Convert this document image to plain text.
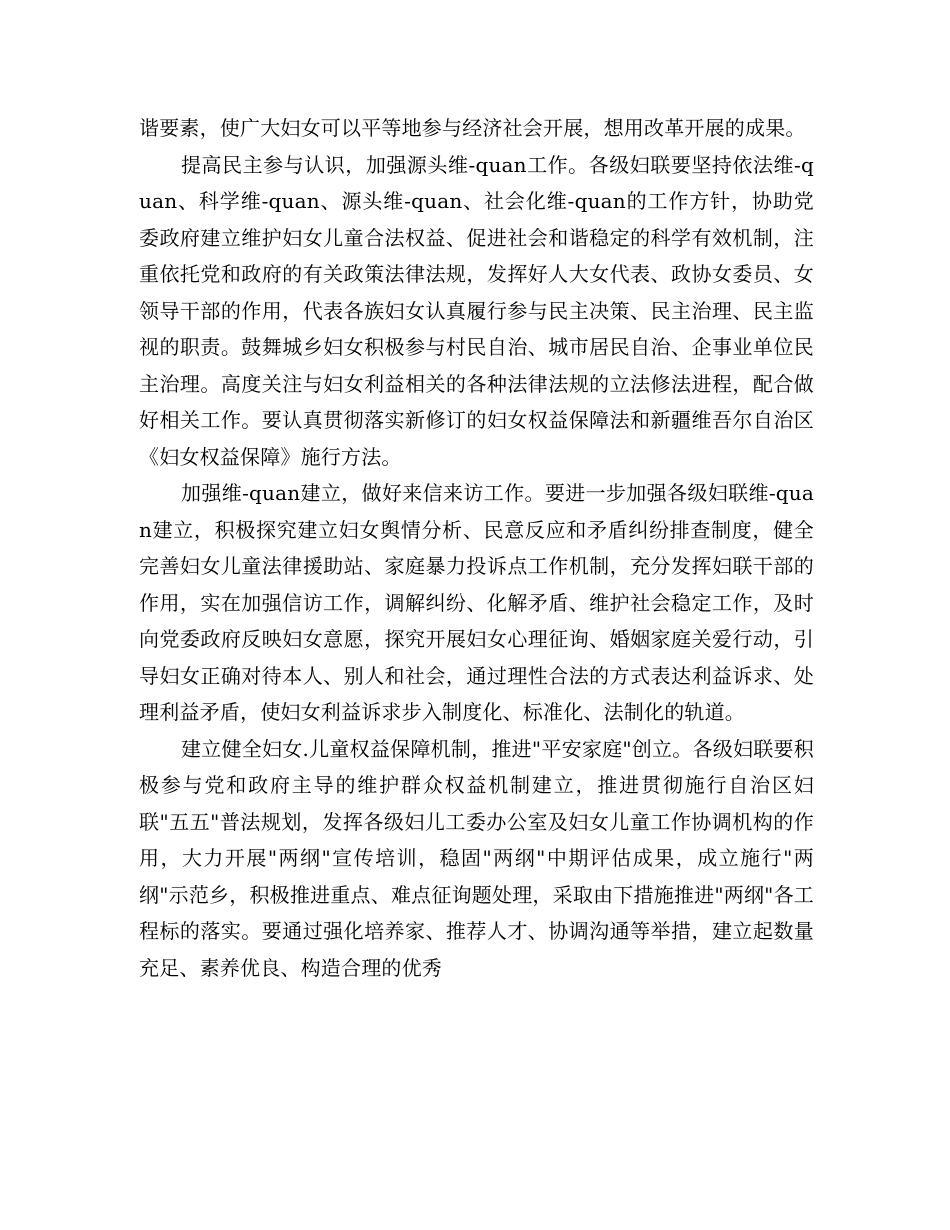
谐要素，使广大妇女可以平等地参与经济社会开展，想用改革开展的成果。

提高民主参与认识，加强源头维-quan工作。各级妇联要坚持依法维-quan、科学维-quan、源头维-quan、社会化维-quan的工作方针，协助党委政府建立维护妇女儿童合法权益、促进社会和谐稳定的科学有效机制，注重依托党和政府的有关政策法律法规，发挥好人大女代表、政协女委员、女领导干部的作用，代表各族妇女认真履行参与民主决策、民主治理、民主监视的职责。鼓舞城乡妇女积极参与村民自治、城市居民自治、企事业单位民主治理。高度关注与妇女利益相关的各种法律法规的立法修法进程，配合做好相关工作。要认真贯彻落实新修订的妇女权益保障法和新疆维吾尔自治区《妇女权益保障》施行方法。

加强维-quan建立，做好来信来访工作。要进一步加强各级妇联维-quan建立，积极探究建立妇女舆情分析、民意反应和矛盾纠纷排查制度，健全完善妇女儿童法律援助站、家庭暴力投诉点工作机制，充分发挥妇联干部的作用，实在加强信访工作，调解纠纷、化解矛盾、维护社会稳定工作，及时向党委政府反映妇女意愿，探究开展妇女心理征询、婚姻家庭关爱行动，引导妇女正确对待本人、别人和社会，通过理性合法的方式表达利益诉求、处理利益矛盾，使妇女利益诉求步入制度化、标准化、法制化的轨道。

建立健全妇女.儿童权益保障机制，推进"平安家庭"创立。各级妇联要积极参与党和政府主导的维护群众权益机制建立，推进贯彻施行自治区妇联"五五"普法规划，发挥各级妇儿工委办公室及妇女儿童工作协调机构的作用，大力开展"两纲"宣传培训，稳固"两纲"中期评估成果，成立施行"两纲"示范乡，积极推进重点、难点征询题处理，采取由下措施推进"两纲"各工程标的落实。要通过强化培养家、推荐人才、协调沟通等举措，建立起数量充足、素养优良、构造合理的优秀
